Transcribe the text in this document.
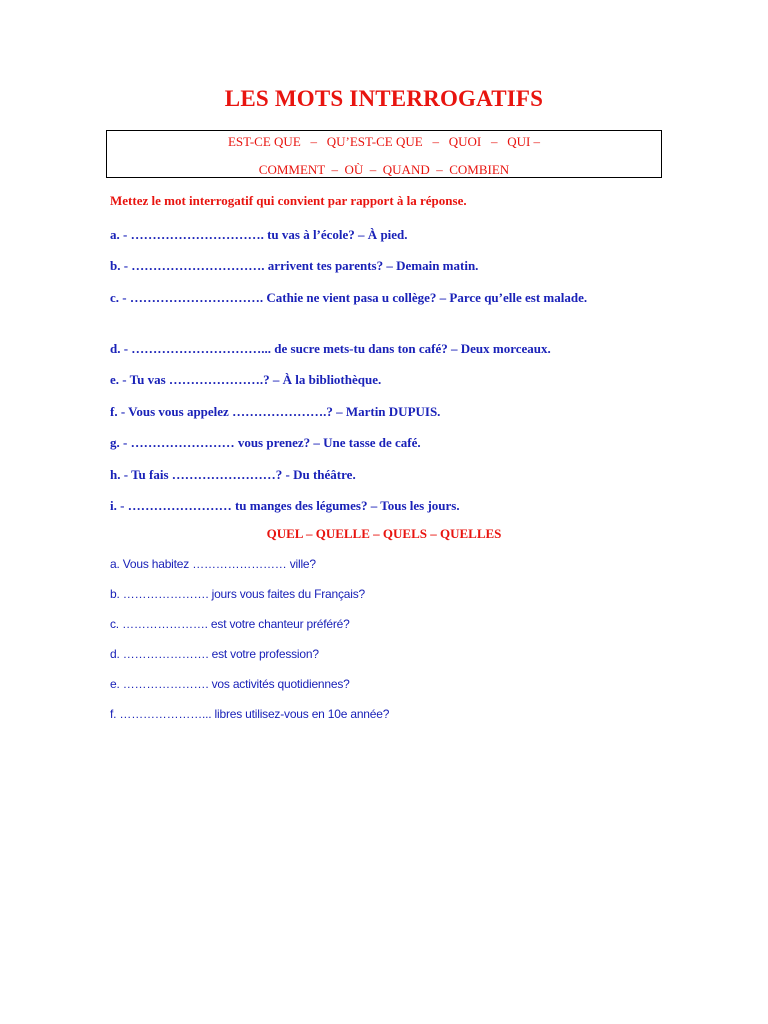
LES MOTS INTERROGATIFS
EST-CE QUE   –   QU’EST-CE QUE   –   QUOI   –   QUI –
COMMENT  –  OÙ  –  QUAND  –  COMBIEN
Mettez le mot interrogatif qui convient par rapport à la réponse.
a. - …………………………. tu vas à l’école? – À pied.
b. - …………………………. arrivent tes parents? – Demain matin.
c. - …………………………. Cathie ne vient pasa u collège? – Parce qu’elle est malade.
d. - …………………………... de sucre mets-tu dans ton café? – Deux morceaux.
e. - Tu vas ………………….? – À la bibliothèque.
f. - Vous vous appelez ………………….? – Martin DUPUIS.
g. - …………………… vous prenez? – Une tasse de café.
h. - Tu fais ……………………? - Du théâtre.
i. - …………………… tu manges des légumes? – Tous les jours.
QUEL – QUELLE – QUELS – QUELLES
a. Vous habitez …………………… ville?
b. …………………. jours vous faites du Français?
c. …………………. est votre chanteur préféré?
d. …………………. est votre profession?
e. …………………. vos activités quotidiennes?
f. …………………... libres utilisez-vous en 10e année?
